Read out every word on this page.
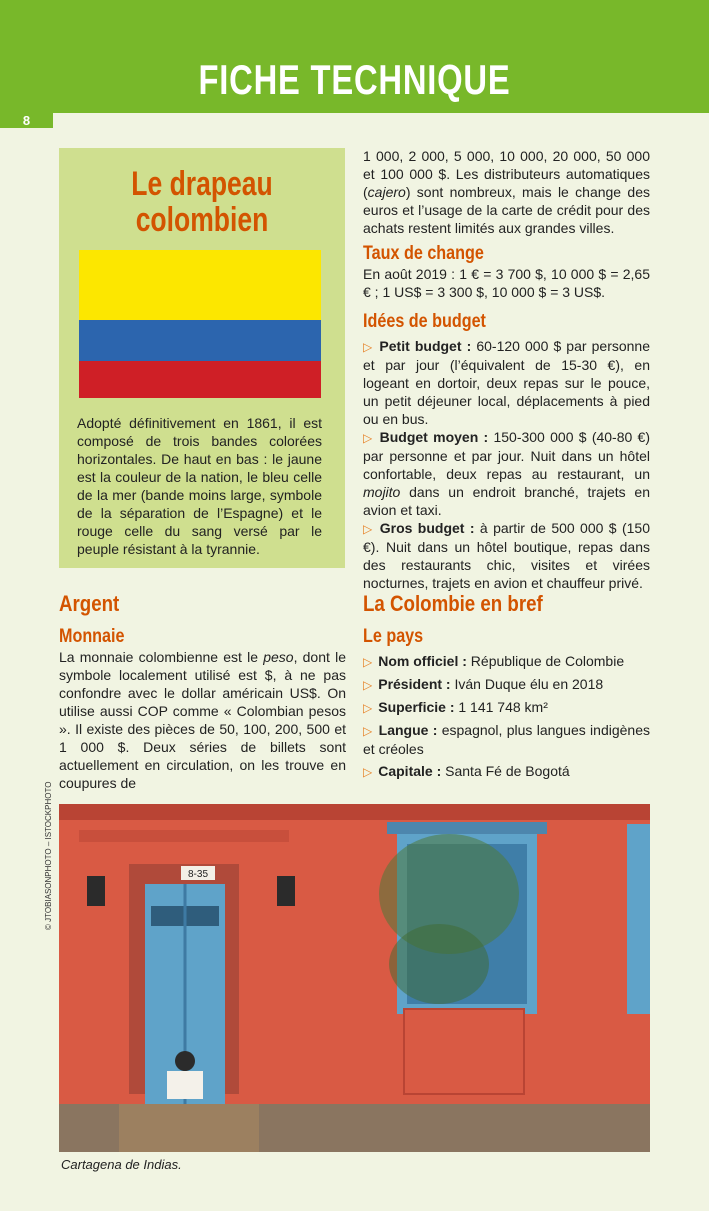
FICHE TECHNIQUE
8
Le drapeau
colombien

Adopté définitivement en 1861, il est composé de trois bandes colorées horizontales. De haut en bas : le jaune est la couleur de la nation, le bleu celle de la mer (bande moins large, symbole de la séparation de l’Espagne) et le rouge celle du sang versé par le peuple résistant à la tyrannie.

1 000, 2 000, 5 000, 10 000, 20 000, 50 000 et 100 000 $. Les distributeurs automatiques (cajero) sont nombreux, mais le change des euros et l’usage de la carte de crédit pour des achats restent limités aux grandes villes.

Taux de change

En août 2019 : 1 € = 3 700 $, 10 000 $ = 2,65 € ; 1 US$ = 3 300 $, 10 000 $ = 3 US$.

Idées de budget

▷ Petit budget : 60-120 000 $ par personne et par jour (l’équivalent de 15-30 €), en logeant en dortoir, deux repas sur le pouce, un petit déjeuner local, déplacements à pied ou en bus.

▷ Budget moyen : 150-300 000 $ (40-80 €) par personne et par jour. Nuit dans un hôtel confortable, deux repas au restaurant, un mojito dans un endroit branché, trajets en avion et taxi.

▷ Gros budget : à partir de 500 000 $ (150 €). Nuit dans un hôtel boutique, repas dans des restaurants chic, visites et virées nocturnes, trajets en avion et chauffeur privé.

Argent
Monnaie

La monnaie colombienne est le peso, dont le symbole localement utilisé est $, à ne pas confondre avec le dollar américain US$. On utilise aussi COP comme « Colombian pesos ». Il existe des pièces de 50, 100, 200, 500 et 1 000 $. Deux séries de billets sont actuellement en circulation, on les trouve en coupures de

La Colombie en bref
Le pays

▷ Nom officiel : République de Colombie

▷ Président : Iván Duque élu en 2018

▷ Superficie : 1 141 748 km²

▷ Langue : espagnol, plus langues indigènes et créoles

▷ Capitale : Santa Fé de Bogotá

© JTOBIASONPHOTO – ISTOCKPHOTO	8-35
Cartagena de Indias.
